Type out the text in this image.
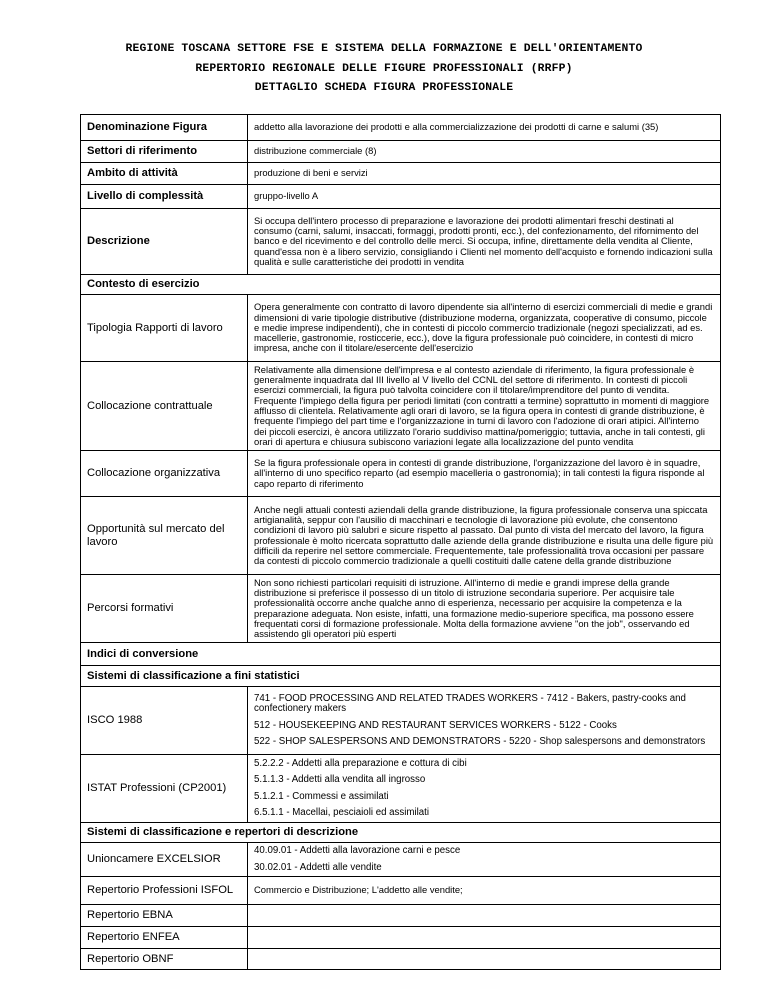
REGIONE TOSCANA SETTORE FSE E SISTEMA DELLA FORMAZIONE E DELL'ORIENTAMENTO
REPERTORIO REGIONALE DELLE FIGURE PROFESSIONALI (RRFP)
DETTAGLIO SCHEDA FIGURA PROFESSIONALE
Denominazione Figura	addetto alla lavorazione dei prodotti e alla commercializzazione dei prodotti di carne e salumi (35)
Settori di riferimento	distribuzione commerciale (8)
Ambito di attività	produzione di beni e servizi
Livello di complessità	gruppo-livello A
Descrizione	Si occupa dell'intero processo di preparazione e lavorazione dei prodotti alimentari freschi destinati al consumo (carni, salumi, insaccati, formaggi, prodotti pronti, ecc.), del confezionamento, del rifornimento del banco e del ricevimento e del controllo delle merci. Si occupa, infine, direttamente della vendita al Cliente, quand'essa non è a libero servizio, consigliando i Clienti nel momento dell'acquisto e fornendo indicazioni sulla qualità e sulle caratteristiche dei prodotti in vendita
Contesto di esercizio	
Tipologia Rapporti di lavoro	Opera generalmente con contratto di lavoro dipendente sia all'interno di esercizi commerciali di medie e grandi dimensioni di varie tipologie distributive (distribuzione moderna, organizzata, cooperative di consumo, piccole e medie imprese indipendenti), che in contesti di piccolo commercio tradizionale (negozi specializzati, ad es. macellerie, gastronomie, rosticcerie, ecc.), dove la figura professionale può coincidere, in contesti di micro impresa, anche con il titolare/esercente dell'esercizio
Collocazione contrattuale	Relativamente alla dimensione dell'impresa e al contesto aziendale di riferimento, la figura professionale è generalmente inquadrata dal III livello al V livello del CCNL del settore di riferimento. In contesti di piccoli esercizi commerciali, la figura può talvolta coincidere con il titolare/imprenditore del punto di vendita. Frequente l'impiego della figura per periodi limitati (con contratti a termine) soprattutto in momenti di maggiore afflusso di clientela. Relativamente agli orari di lavoro, se la figura opera in contesti di grande distribuzione, è frequente l'impiego del part time e l'organizzazione in turni di lavoro con l'adozione di orari atipici. All'interno dei piccoli esercizi, è ancora utilizzato l'orario suddiviso mattina/pomeriggio; tuttavia, anche in tali contesti, gli orari di apertura e chiusura subiscono variazioni legate alla localizzazione del punto vendita
Collocazione organizzativa	Se la figura professionale opera in contesti di grande distribuzione, l'organizzazione del lavoro è in squadre, all'interno di uno specifico reparto (ad esempio macelleria o gastronomia); in tali contesti la figura risponde al capo reparto di riferimento
Opportunità sul mercato del lavoro	Anche negli attuali contesti aziendali della grande distribuzione, la figura professionale conserva una spiccata artigianalità, seppur con l'ausilio di macchinari e tecnologie di lavorazione più evolute, che consentono condizioni di lavoro più salubri e sicure rispetto al passato. Dal punto di vista del mercato del lavoro, la figura professionale è molto ricercata soprattutto dalle aziende della grande distribuzione e risulta una delle figure più difficili da reperire nel settore commerciale. Frequentemente, tale professionalità trova occasioni per passare da contesti di piccolo commercio tradizionale a quelli costituiti dalle catene della grande distribuzione
Percorsi formativi	Non sono richiesti particolari requisiti di istruzione. All'interno di medie e grandi imprese della grande distribuzione si preferisce il possesso di un titolo di istruzione secondaria superiore. Per acquisire tale professionalità occorre anche qualche anno di esperienza, necessario per acquisire la competenza e la preparazione adeguata. Non esiste, infatti, una formazione medio-superiore specifica, ma possono essere frequentati corsi di formazione professionale. Molta della formazione avviene "on the job", osservando ed assistendo gli operatori più esperti
Indici di conversione	
Sistemi di classificazione a fini statistici	
ISCO 1988	741 - FOOD PROCESSING AND RELATED TRADES WORKERS - 7412 - Bakers, pastry-cooks and confectionery makers
512 - HOUSEKEEPING AND RESTAURANT SERVICES WORKERS - 5122 - Cooks
522 - SHOP SALESPERSONS AND DEMONSTRATORS - 5220 - Shop salespersons and demonstrators

ISTAT Professioni (CP2001)	5.2.2.2 - Addetti alla preparazione e cottura di cibi
5.1.1.3 - Addetti alla vendita all ingrosso
5.1.2.1 - Commessi e assimilati
6.5.1.1 - Macellai, pesciaioli ed assimilati

Sistemi di classificazione e repertori di descrizione	
Unioncamere EXCELSIOR	40.09.01 - Addetti alla lavorazione carni e pesce
30.02.01 - Addetti alle vendite

Repertorio Professioni ISFOL	Commercio e Distribuzione; L'addetto alle vendite;
Repertorio EBNA	
Repertorio ENFEA	
Repertorio OBNF	
